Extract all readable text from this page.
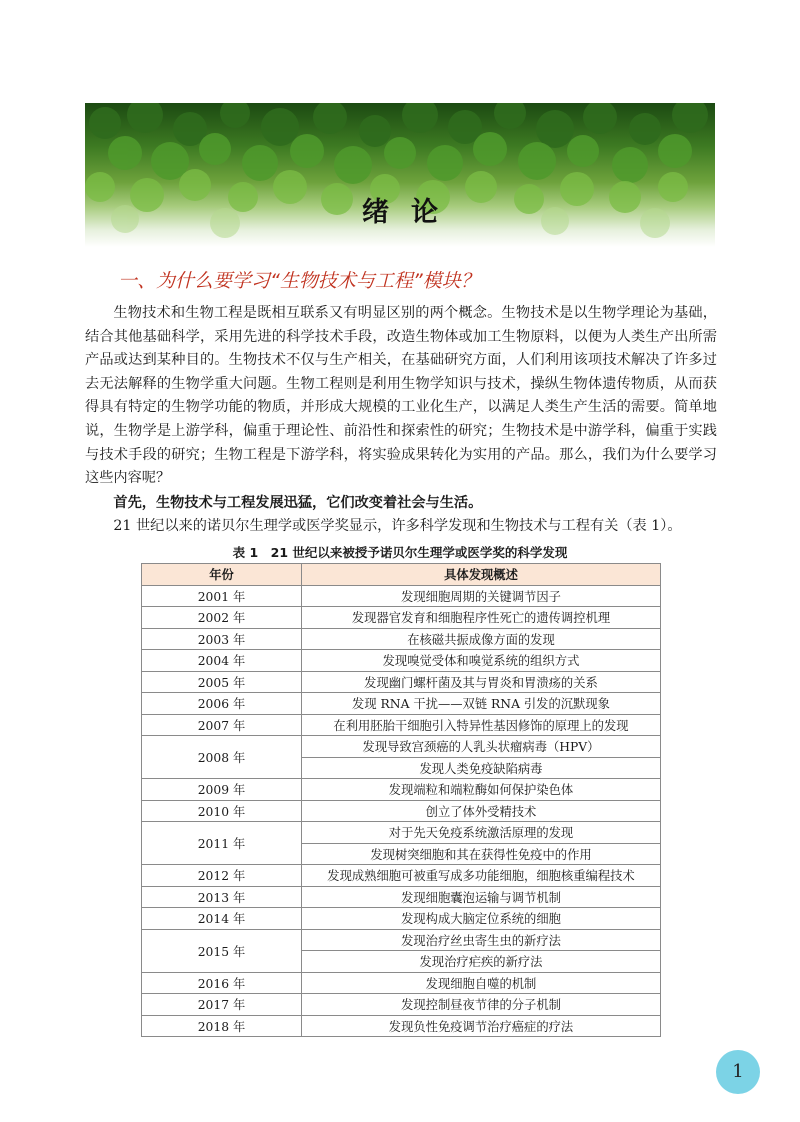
绪论
一、为什么要学习“生物技术与工程”模块？
生物技术和生物工程是既相互联系又有明显区别的两个概念。生物技术是以生物学理论为基础，结合其他基础科学，采用先进的科学技术手段，改造生物体或加工生物原料，以便为人类生产出所需产品或达到某种目的。生物技术不仅与生产相关，在基础研究方面，人们利用该项技术解决了许多过去无法解释的生物学重大问题。生物工程则是利用生物学知识与技术，操纵生物体遗传物质，从而获得具有特定的生物学功能的物质，并形成大规模的工业化生产，以满足人类生产生活的需要。简单地说，生物学是上游学科，偏重于理论性、前沿性和探索性的研究；生物技术是中游学科，偏重于实践与技术手段的研究；生物工程是下游学科，将实验成果转化为实用的产品。那么，我们为什么要学习这些内容呢？
首先，生物技术与工程发展迅猛，它们改变着社会与生活。
21 世纪以来的诺贝尔生理学或医学奖显示，许多科学发现和生物技术与工程有关（表 1）。
表 1　21 世纪以来被授予诺贝尔生理学或医学奖的科学发现
年份	具体发现概述
2001 年	发现细胞周期的关键调节因子
2002 年	发现器官发育和细胞程序性死亡的遗传调控机理
2003 年	在核磁共振成像方面的发现
2004 年	发现嗅觉受体和嗅觉系统的组织方式
2005 年	发现幽门螺杆菌及其与胃炎和胃溃疡的关系
2006 年	发现 RNA 干扰——双链 RNA 引发的沉默现象
2007 年	在利用胚胎干细胞引入特异性基因修饰的原理上的发现
2008 年	发现导致宫颈癌的人乳头状瘤病毒（HPV）
	发现人类免疫缺陷病毒
2009 年	发现端粒和端粒酶如何保护染色体
2010 年	创立了体外受精技术
2011 年	对于先天免疫系统激活原理的发现
	发现树突细胞和其在获得性免疫中的作用
2012 年	发现成熟细胞可被重写成多功能细胞，细胞核重编程技术
2013 年	发现细胞囊泡运输与调节机制
2014 年	发现构成大脑定位系统的细胞
2015 年	发现治疗丝虫寄生虫的新疗法
	发现治疗疟疾的新疗法
2016 年	发现细胞自噬的机制
2017 年	发现控制昼夜节律的分子机制
2018 年	发现负性免疫调节治疗癌症的疗法
1
